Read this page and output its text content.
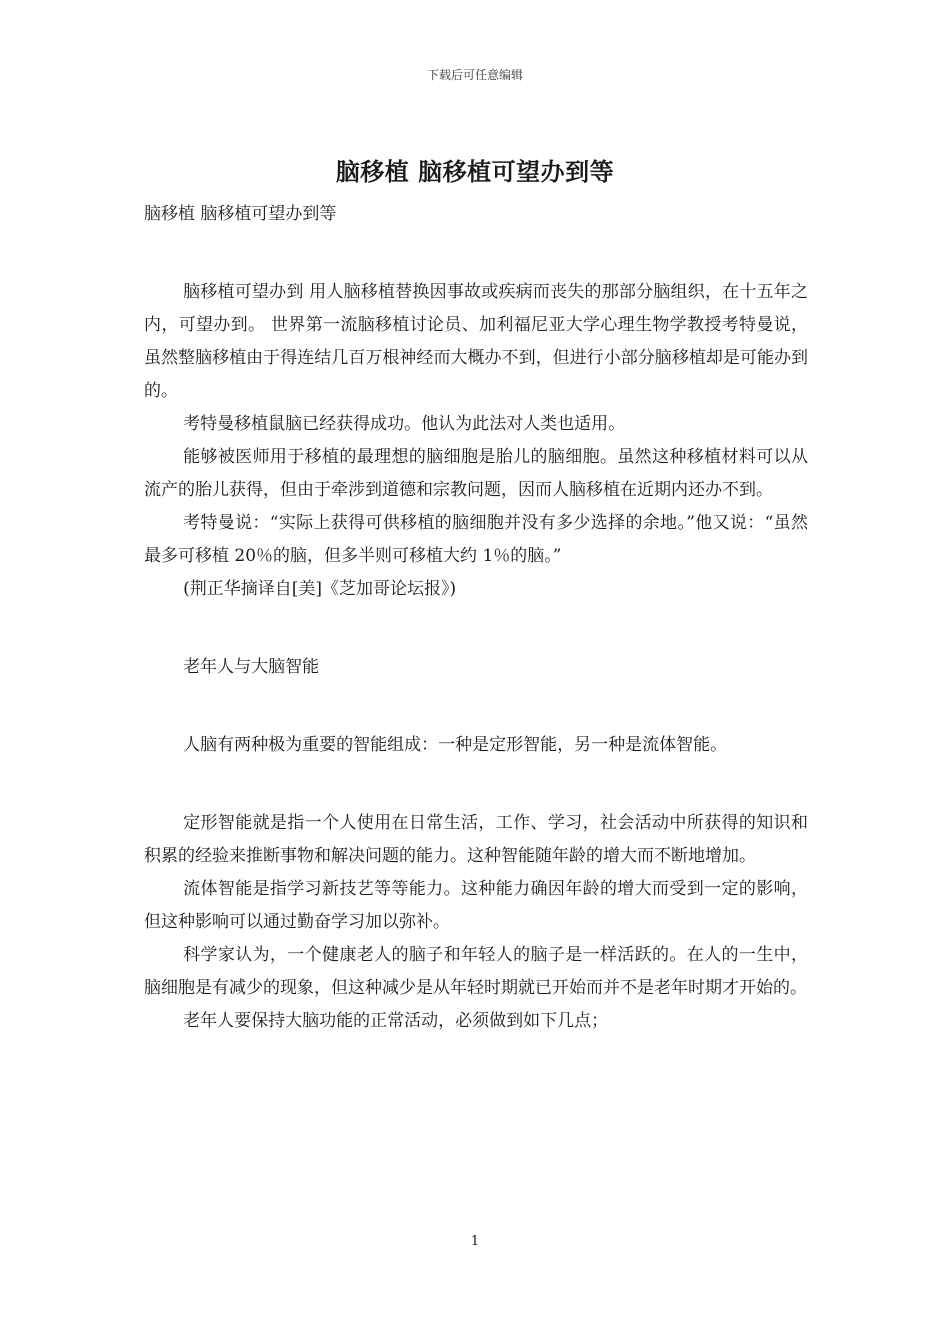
下载后可任意编辑
脑移植 脑移植可望办到等

脑移植 脑移植可望办到等

脑移植可望办到 用人脑移植替换因事故或疾病而丧失的那部分脑组织，在十五年之内，可望办到。 世界第一流脑移植讨论员、加利福尼亚大学心理生物学教授考特曼说，虽然整脑移植由于得连结几百万根神经而大概办不到，但进行小部分脑移植却是可能办到的。

考特曼移植鼠脑已经获得成功。他认为此法对人类也适用。

能够被医师用于移植的最理想的脑细胞是胎儿的脑细胞。虽然这种移植材料可以从流产的胎儿获得，但由于牵涉到道德和宗教问题，因而人脑移植在近期内还办不到。

考特曼说：“实际上获得可供移植的脑细胞并没有多少选择的余地。”他又说：“虽然最多可移植 20％的脑，但多半则可移植大约 1％的脑。”

(荆正华摘译自[美]《芝加哥论坛报》)

老年人与大脑智能

人脑有两种极为重要的智能组成：一种是定形智能，另一种是流体智能。

定形智能就是指一个人使用在日常生活，工作、学习，社会活动中所获得的知识和积累的经验来推断事物和解决问题的能力。这种智能随年龄的增大而不断地增加。

流体智能是指学习新技艺等等能力。这种能力确因年龄的增大而受到一定的影响，但这种影响可以通过勤奋学习加以弥补。

科学家认为，一个健康老人的脑子和年轻人的脑子是一样活跃的。在人的一生中，脑细胞是有减少的现象，但这种减少是从年轻时期就已开始而并不是老年时期才开始的。

老年人要保持大脑功能的正常活动，必须做到如下几点；

1
